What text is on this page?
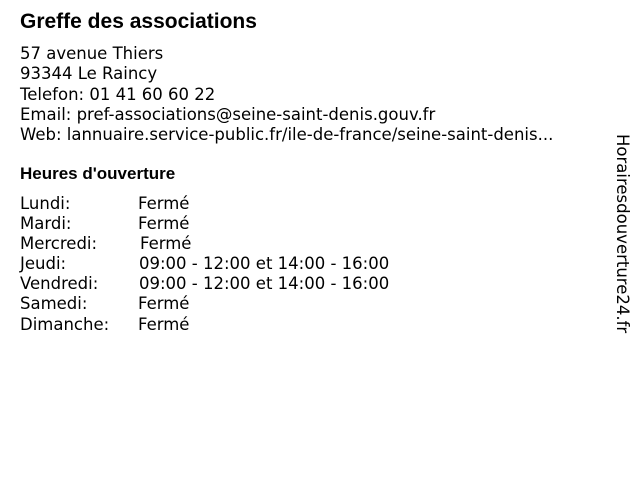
Greffe des associations
57 avenue Thiers
93344 Le Raincy
Telefon: 01 41 60 60 22
Email: pref-associations@seine-saint-denis.gouv.fr
Web: lannuaire.service-public.fr/ile-de-france/seine-saint-denis...
Heures d'ouverture
Lundi:	Fermé
Mardi:	Fermé
Mercredi:	Fermé
Jeudi:	09:00 - 12:00 et 14:00 - 16:00
Vendredi: 09:00 - 12:00 et 14:00 - 16:00
Samedi:	Fermé
Dimanche: Fermé	Horairesdouverture24.fr
